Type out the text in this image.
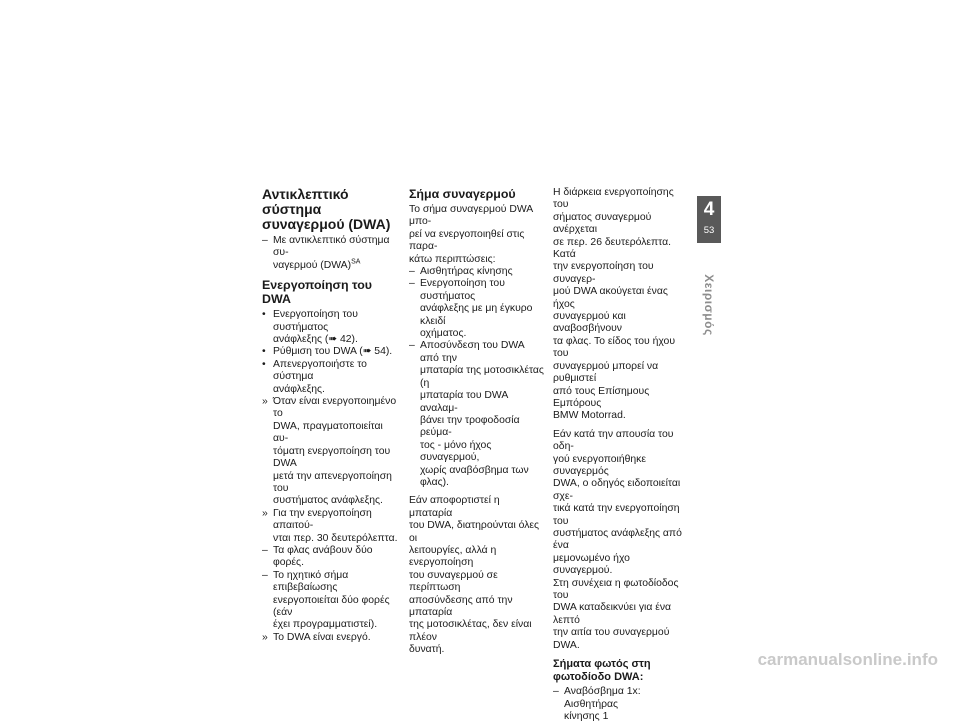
Αντικλεπτικό σύστημα
συναγερμού (DWA)
– Με αντικλεπτικό σύστημα συ-
ναγερμού (DWA)$^{SA}$
Ενεργοποίηση του DWA
• Ενεργοποίηση του συστήματος
ανάφλεξης (➠ 42).
• Ρύθμιση του DWA (➠ 54).
• Απενεργοποιήστε το σύστημα
ανάφλεξης.
» Όταν είναι ενεργοποιημένο το
DWA, πραγματοποιείται αυ-
τόματη ενεργοποίηση του DWA
μετά την απενεργοποίηση του
συστήματος ανάφλεξης.
» Για την ενεργοποίηση απαιτού-
νται περ. 30 δευτερόλεπτα.
– Τα φλας ανάβουν δύο φορές.
– Το ηχητικό σήμα επιβεβαίωσης
ενεργοποιείται δύο φορές (εάν
έχει προγραμματιστεί).
» Το DWA είναι ενεργό.
Σήμα συναγερμού
Το σήμα συναγερμού DWA μπο-
ρεί να ενεργοποιηθεί στις παρα-
κάτω περιπτώσεις:
– Αισθητήρας κίνησης
– Ενεργοποίηση του συστήματος
ανάφλεξης με μη έγκυρο κλειδί
οχήματος.
– Αποσύνδεση του DWA από την
μπαταρία της μοτοσικλέτας (η
μπαταρία του DWA αναλαμ-
βάνει την τροφοδοσία ρεύμα-
τος - μόνο ήχος συναγερμού,
χωρίς αναβόσβημα των φλας).
Εάν αποφορτιστεί η μπαταρία
του DWA, διατηρούνται όλες οι
λειτουργίες, αλλά η ενεργοποίηση
του συναγερμού σε περίπτωση
αποσύνδεσης από την μπαταρία
της μοτοσικλέτας, δεν είναι πλέον
δυνατή.
Η διάρκεια ενεργοποίησης του
σήματος συναγερμού ανέρχεται
σε περ. 26 δευτερόλεπτα. Κατά
την ενεργοποίηση του συναγερ-
μού DWA ακούγεται ένας ήχος
συναγερμού και αναβοσβήνουν
τα φλας. Το είδος του ήχου του
συναγερμού μπορεί να ρυθμιστεί
από τους Επίσημους Εμπόρους
BMW Motorrad.
Εάν κατά την απουσία του οδη-
γού ενεργοποιήθηκε συναγερμός
DWA, ο οδηγός ειδοποιείται σχε-
τικά κατά την ενεργοποίηση του
συστήματος ανάφλεξης από ένα
μεμονωμένο ήχο συναγερμού.
Στη συνέχεια η φωτοδίοδος του
DWA καταδεικνύει για ένα λεπτό
την αιτία του συναγερμού DWA.
Σήματα φωτός στη
φωτοδίοδο DWA:
– Αναβόσβημα 1x: Αισθητήρας
κίνησης 1
4
53
Χειρισμός
carmanualsonline.info
